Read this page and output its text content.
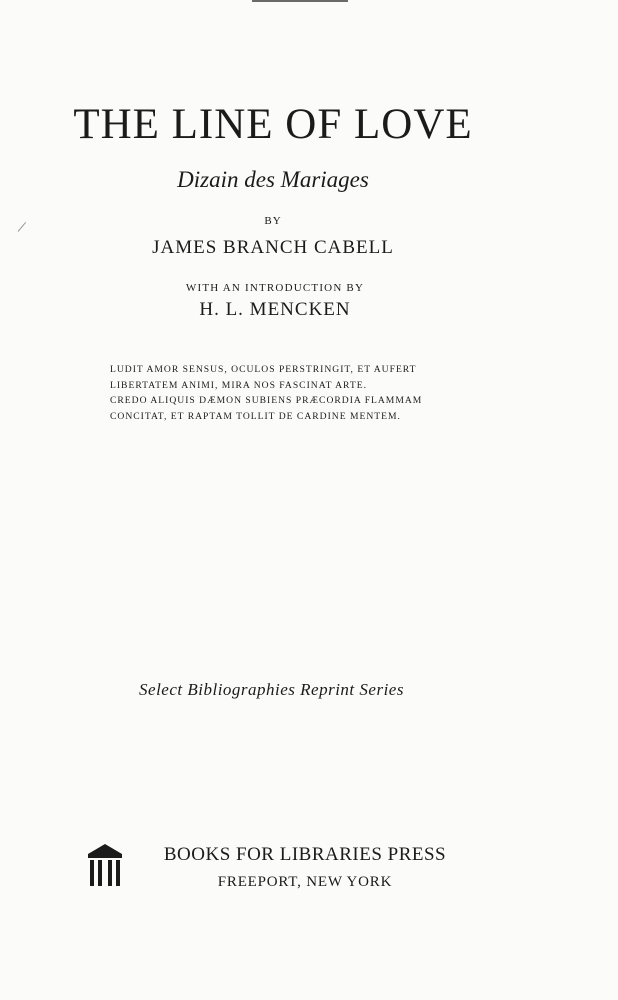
THE LINE OF LOVE
Dizain des Mariages
BY
JAMES BRANCH CABELL
WITH AN INTRODUCTION BY
H. L. MENCKEN
LUDIT AMOR SENSUS, OCULOS PERSTRINGIT, ET AUFERT
LIBERTATEM ANIMI, MIRA NOS FASCINAT ARTE.
CREDO ALIQUIS DÆMON SUBIENS PRÆCORDIA FLAMMAM
CONCITAT, ET RAPTAM TOLLIT DE CARDINE MENTEM.
Select Bibliographies Reprint Series
BOOKS FOR LIBRARIES PRESS
FREEPORT, NEW YORK
